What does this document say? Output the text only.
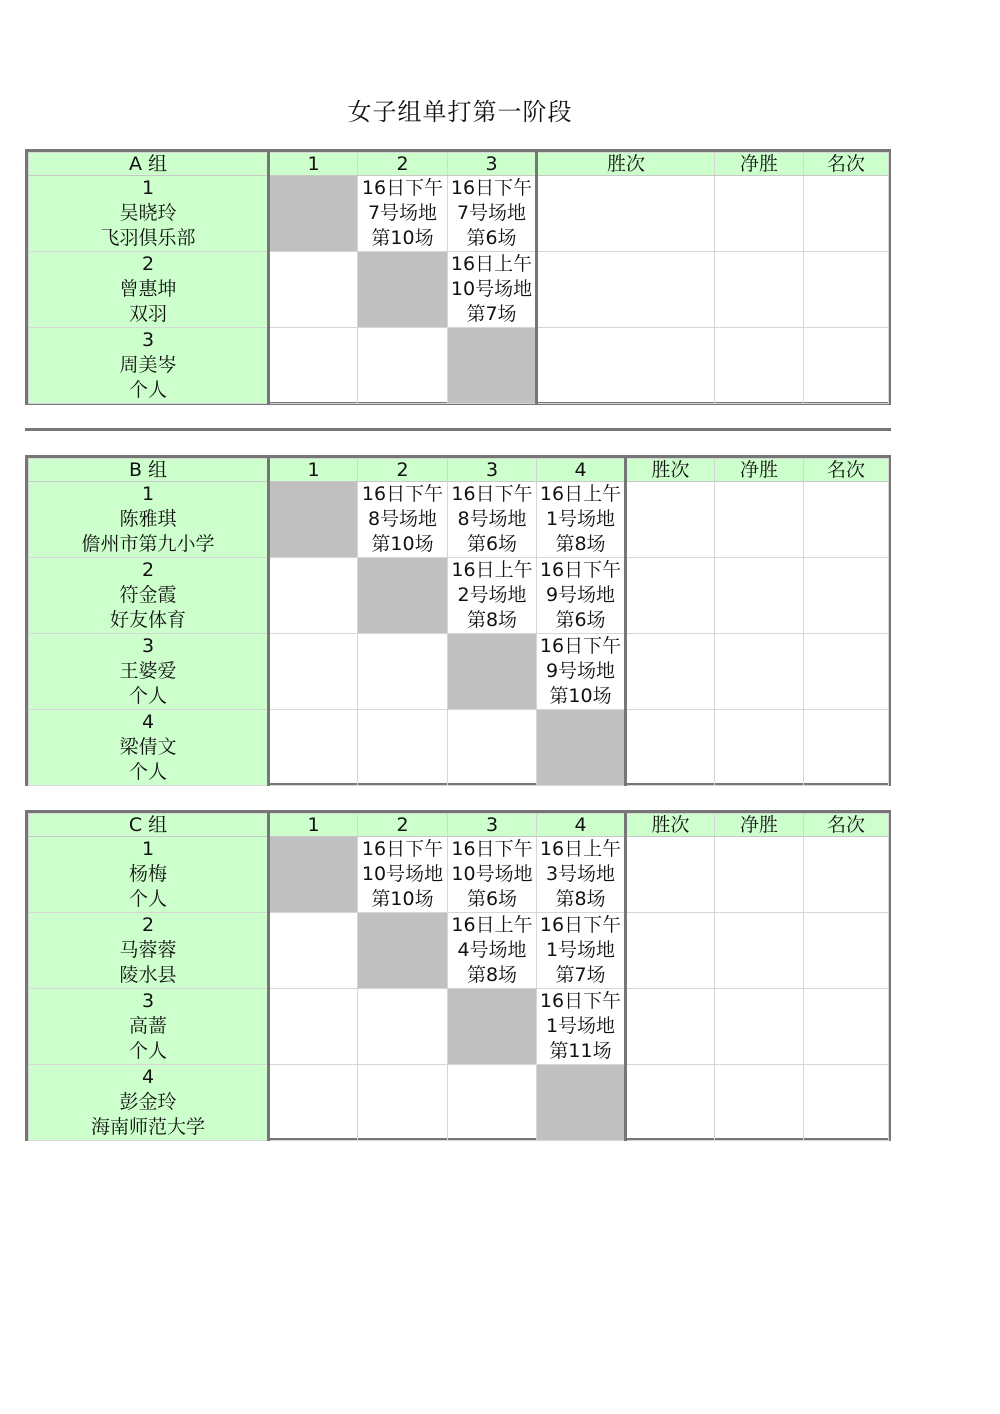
女子组单打第一阶段
A 组	1	2	3	胜次	净胜	名次

1
吴晓玲
飞羽俱乐部		16日下午
7号场地
第10场	16日下午
7号场地
第6场			

2
曾惠坤
双羽			16日上午
10号场地
第7场			

3
周美岑
个人						

B 组	1	2	3	4	胜次	净胜	名次

1
陈雅琪
儋州市第九小学		16日下午
8号场地
第10场	16日下午
8号场地
第6场	16日上午
1号场地
第8场			

2
符金霞
好友体育			16日上午
2号场地
第8场	16日下午
9号场地
第6场			

3
王婆爱
个人				16日下午
9号场地
第10场			

4
梁倩文
个人							

C 组	1	2	3	4	胜次	净胜	名次

1
杨梅
个人		16日下午
10号场地
第10场	16日下午
10号场地
第6场	16日上午
3号场地
第8场			

2
马蓉蓉
陵水县			16日上午
4号场地
第8场	16日下午
1号场地
第7场			

3
高蔷
个人				16日下午
1号场地
第11场			

4
彭金玲
海南师范大学							
